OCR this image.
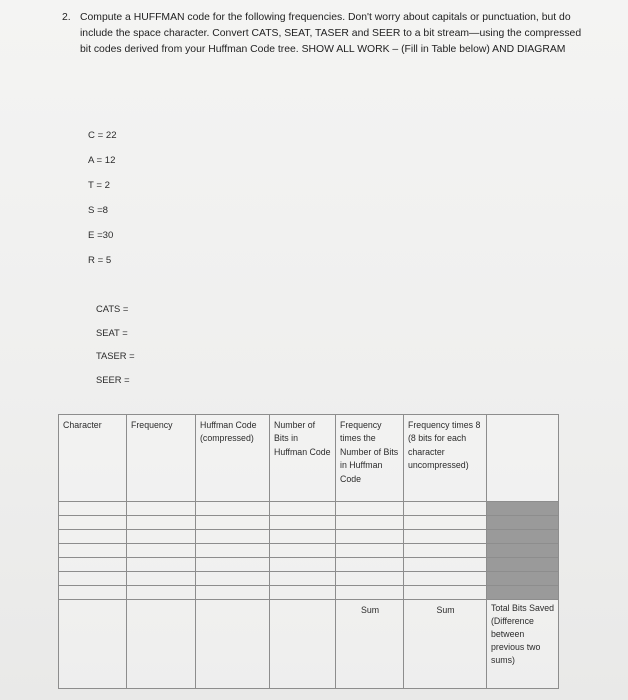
2. Compute a HUFFMAN code for the following frequencies. Don't worry about capitals or punctuation, but do include the space character. Convert CATS, SEAT, TASER and SEER to a bit stream—using the compressed bit codes derived from your Huffman Code tree. SHOW ALL WORK – (Fill in Table below) AND DIAGRAM
C = 22
A = 12
T = 2
S =8
E =30
R = 5
CATS =
SEAT =
TASER =
SEER =
Character	Frequency	Huffman Code (compressed)	Number of Bits in Huffman Code	Frequency times the Number of Bits in Huffman Code	Frequency times 8 (8 bits for each character uncompressed)	

				Sum	Sum	Total Bits Saved (Difference between previous two sums)
